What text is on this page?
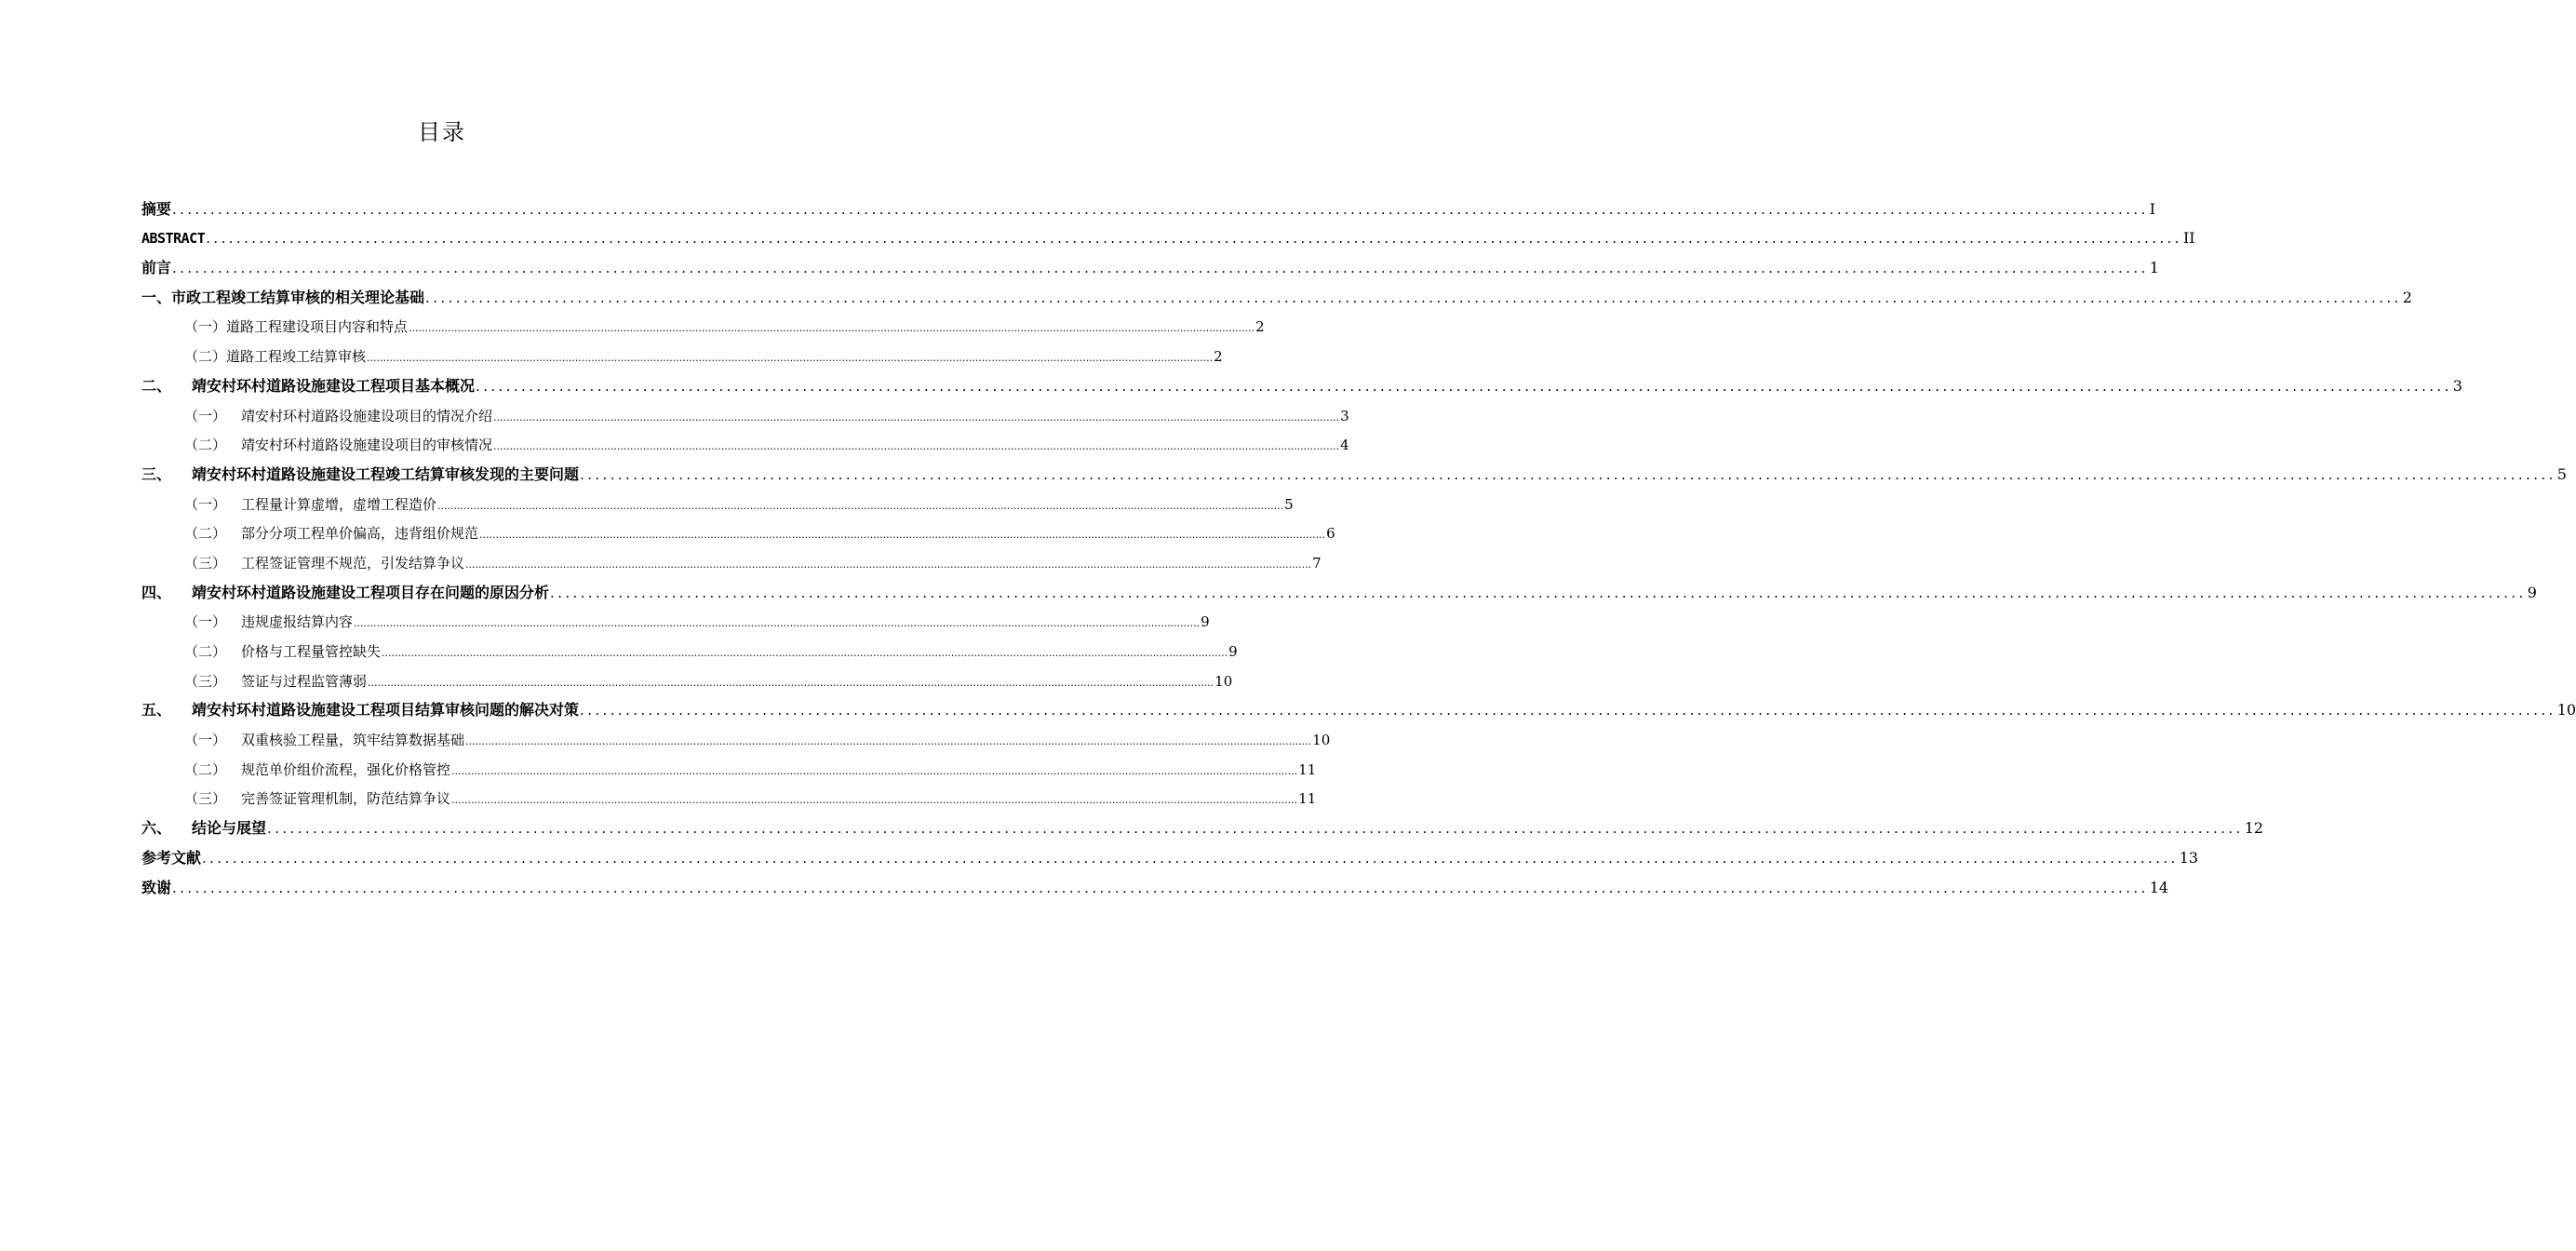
目录
摘要 .................................................................................................................................................................................................................................................................... I
ABSTRACT .................................................................................................................................................................................................................................................................... II
前言 .................................................................................................................................................................................................................................................................... 1
一、市政工程竣工结算审核的相关理论基础 .................................................................................................................................................................................................................................................................... 2
（一）道路工程建设项目内容和特点 .................................................................................................................................................................................................................................................................... 2
（二）道路工程竣工结算审核 .................................................................................................................................................................................................................................................................... 2
二、 靖安村环村道路设施建设工程项目基本概况 .................................................................................................................................................................................................................................................................... 3
（一） 靖安村环村道路设施建设项目的情况介绍 .................................................................................................................................................................................................................................................................... 3
（二） 靖安村环村道路设施建设项目的审核情况 .................................................................................................................................................................................................................................................................... 4
三、 靖安村环村道路设施建设工程竣工结算审核发现的主要问题 .................................................................................................................................................................................................................................................................... 5
（一） 工程量计算虚增，虚增工程造价 .................................................................................................................................................................................................................................................................... 5
（二） 部分分项工程单价偏高，违背组价规范 .................................................................................................................................................................................................................................................................... 6
（三） 工程签证管理不规范，引发结算争议 .................................................................................................................................................................................................................................................................... 7
四、 靖安村环村道路设施建设工程项目存在问题的原因分析 .................................................................................................................................................................................................................................................................... 9
（一） 违规虚报结算内容 .................................................................................................................................................................................................................................................................... 9
（二） 价格与工程量管控缺失 .................................................................................................................................................................................................................................................................... 9
（三） 签证与过程监管薄弱 .................................................................................................................................................................................................................................................................... 10
五、 靖安村环村道路设施建设工程项目结算审核问题的解决对策 .................................................................................................................................................................................................................................................................... 10
（一） 双重核验工程量，筑牢结算数据基础 .................................................................................................................................................................................................................................................................... 10
（二） 规范单价组价流程，强化价格管控 .................................................................................................................................................................................................................................................................... 11
（三） 完善签证管理机制，防范结算争议 .................................................................................................................................................................................................................................................................... 11
六、 结论与展望 .................................................................................................................................................................................................................................................................... 12
参考文献 .................................................................................................................................................................................................................................................................... 13
致谢 .................................................................................................................................................................................................................................................................... 14
